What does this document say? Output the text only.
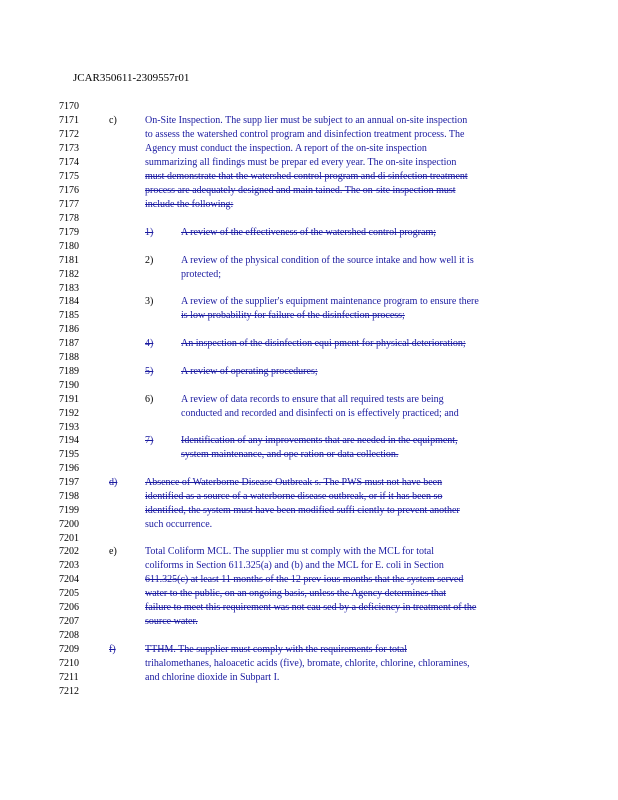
JCAR350611-2309557r01
7170
7171
7172
7173
7174
7175
7176
7177
7178
7179
7180
7181
7182
7183
7184
7185
7186
7187
7188
7189
7190
7191
7192
7193
7194
7195
7196
7197
7198
7199
7200
7201
7202
7203
7204
7205
7206
7207
7208
7209
7210
7211
7212
c)	On-Site Inspection. The supp lier must be subject to an annual on-site inspection
to assess the watershed control program and disinfection treatment process. The
Agency must conduct the inspection. A report of the on-site inspection
summarizing all findings must be prepar ed every year. The on-site inspection
must demonstrate that the watershed control program and di sinfection treatment
process are adequately designed and main tained. The on-site inspection must
include the following:
1)	A review of the effectiveness of the watershed control program;
2)	A review of the physical condition of the source intake and how well it is
protected;
3)	A review of the supplier's equipment maintenance program to ensure there
is low probability for failure of the disinfection process;
4)	An inspection of the disinfection equi pment for physical deterioration;
5)	A review of operating procedures;
6)	A review of data records to ensure that all required tests are being
conducted and recorded and disinfecti on is effectively practiced; and
7)	Identification of any improvements that are needed in the equipment,
system maintenance, and ope ration or data collection.
d)	Absence of Waterborne Disease Outbreak s. The PWS must not have been
identified as a source of a waterborne disease outbreak, or if it has been so
identified, the system must have been modified suffi ciently to prevent another
such occurrence.
e)	Total Coliform MCL. The supplier mu st comply with the MCL for total
coliforms in Section 611.325(a) and (b) and the MCL for E. coli in Section
611.325(c) at least 11 months of the 12 prev ious months that the system served
water to the public, on an ongoing basis, unless the Agency determines that
failure to meet this requirement was not cau sed by a deficiency in treatment of the
source water.
f)	TTHM. The supplier must comply with the requirements for total
trihalomethanes, haloacetic acids (five), bromate, chlorite, chlorine, chloramines,
and chlorine dioxide in Subpart I.
